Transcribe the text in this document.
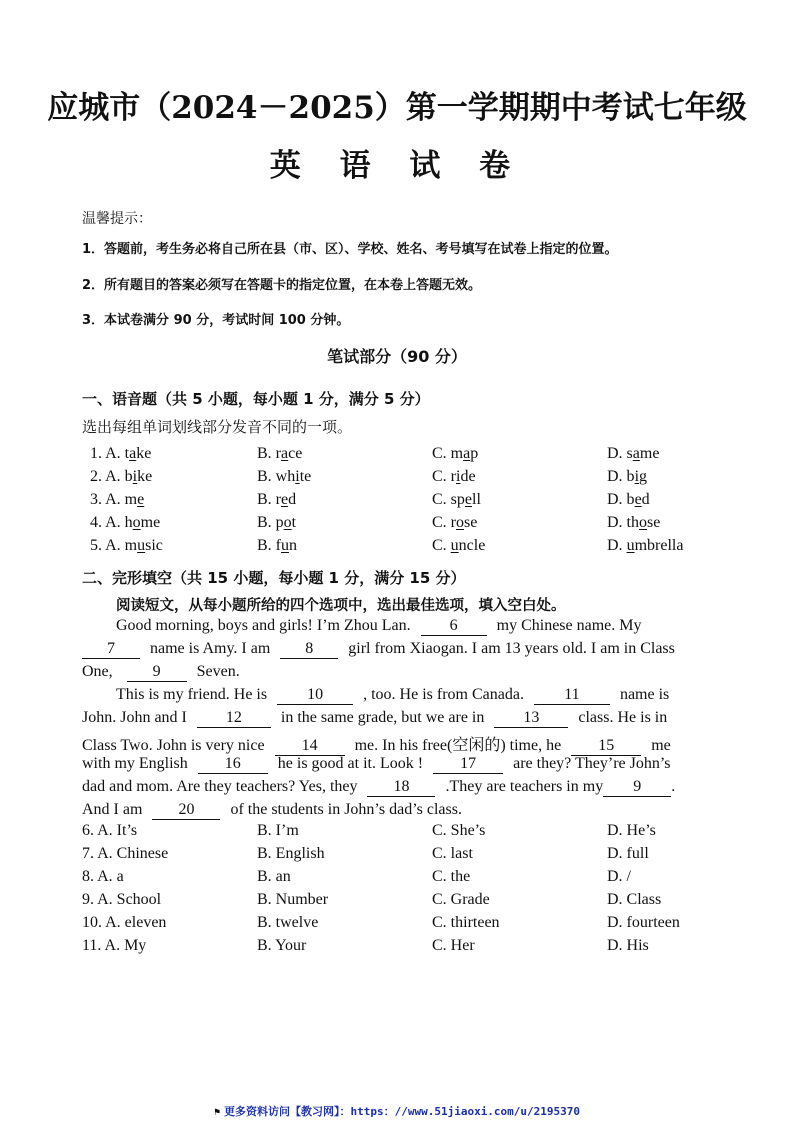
应城市（2024－2025）第一学期期中考试七年级
英 语 试 卷
温馨提示：
1．答题前，考生务必将自己所在县（市、区）、学校、姓名、考号填写在试卷上指定的位置。
2．所有题目的答案必须写在答题卡的指定位置，在本卷上答题无效。
3．本试卷满分 90 分，考试时间 100 分钟。
笔试部分（90 分）
一、语音题（共 5 小题，每小题 1 分，满分 5 分）
选出每组单词划线部分发音不同的一项。
1. A. take	B. race	C. map	D. same
2. A. bike	B. white	C. ride	D. big
3. A. me	B. red	C. spell	D. bed
4. A. home	B. pot	C. rose	D. those
5. A. music	B. fun	C. uncle	D. umbrella
二、完形填空（共 15 小题，每小题 1 分，满分 15 分）
阅读短文，从每小题所给的四个选项中，选出最佳选项，填入空白处。
Good morning, boys and girls! I’m Zhou Lan. 6 my Chinese name. My
7 name is Amy. I am 8 girl from Xiaogan. I am 13 years old. I am in Class
One,	9 Seven.
This is my friend. He is	10	, too. He is from Canada.	11	name is
John. John and I 12 in the same grade, but we are in 13 class. He is in
Class Two. John is very nice 14 me. In his free(空闲的) time, he 15 me
with my English 16 he is good at it. Look ! 17 are they? They’re John’s
dad and mom. Are they teachers? Yes, they 18 .They are teachers in my 9 .
And I am 20 of the students in John’s dad’s class.
6. A. It’s	B. I’m	C. She’s	D. He’s
7. A. Chinese	B. English	C. last	D. full
8. A. a	B. an	C. the	D. /
9. A. School	B. Number	C. Grade	D. Class
10. A. eleven	B. twelve	C. thirteen	D. fourteen
11. A. My	B. Your	C. Her	D. His
⚑ 更多资料访问【教习网】：https：//www.51jiaoxi.com/u/2195370
